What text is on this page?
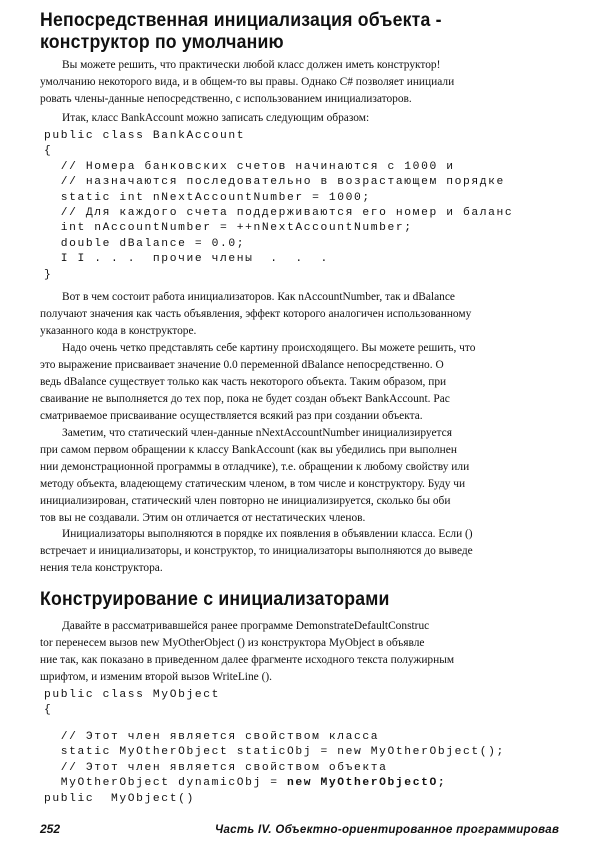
Непосредственная инициализация объекта -
конструктор по умолчанию
Вы можете решить, что практически любой класс должен иметь конструктор!
умолчанию некоторого вида, и в общем-то вы правы. Однако C# позволяет инициали
ровать члены-данные непосредственно, с использованием инициализаторов.
Итак, класс BankAccount можно записать следующим образом:
public class BankAccount
{
// Номера банковских счетов начинаются с 1000 и
// назначаются последовательно в возрастающем порядке
static int nNextAccountNumber = 1000;
// Для каждого счета поддерживаются его номер и баланс
int nAccountNumber = ++nNextAccountNumber;
double dBalance = 0.0;
I I . . .  прочие члены  .  .  .
}
Вот в чем состоит работа инициализаторов. Как nAccountNumber, так и dBalance
получают значения как часть объявления, эффект которого аналогичен использованному
указанного кода в конструкторе.
Надо очень четко представлять себе картину происходящего. Вы можете решить, что
это выражение присваивает значение 0.0 переменной dBalance непосредственно. О
ведь dBalance существует только как часть некоторого объекта. Таким образом, при
сваивание не выполняется до тех пор, пока не будет создан объект BankAccount. Рас
сматриваемое присваивание осуществляется всякий раз при создании объекта.
Заметим, что статический член-данные nNextAccountNumber инициализируется
при самом первом обращении к классу BankAccount (как вы убедились при выполнен
нии демонстрационной программы в отладчике), т.е. обращении к любому свойству или
методу объекта, владеющему статическим членом, в том числе и конструктору. Буду чи
инициализирован, статический член повторно не инициализируется, сколько бы оби
тов вы не создавали. Этим он отличается от нестатических членов.
Инициализаторы выполняются в порядке их появления в объявлении класса. Если ()
встречает и инициализаторы, и конструктор, то инициализаторы выполняются до выведе
нения тела конструктора.
Конструирование с инициализаторами
Давайте в рассматривавшейся ранее программе DemonstrateDefaultConstruc
tor перенесем вызов new MyOtherObject () из конструктора MyObject в объявле
ние так, как показано в приведенном далее фрагменте исходного текста полужирным
шрифтом, и изменим второй вызов WriteLine ().
public class MyObject
{
// Этот член является свойством класса
static MyOtherObject staticObj = new MyOtherObject();
// Этот член является свойством объекта
MyOtherObject dynamicObj = new MyOtherObjectO;
public  MyObject()
252	Часть IV. Объектно-ориентированное программировав
